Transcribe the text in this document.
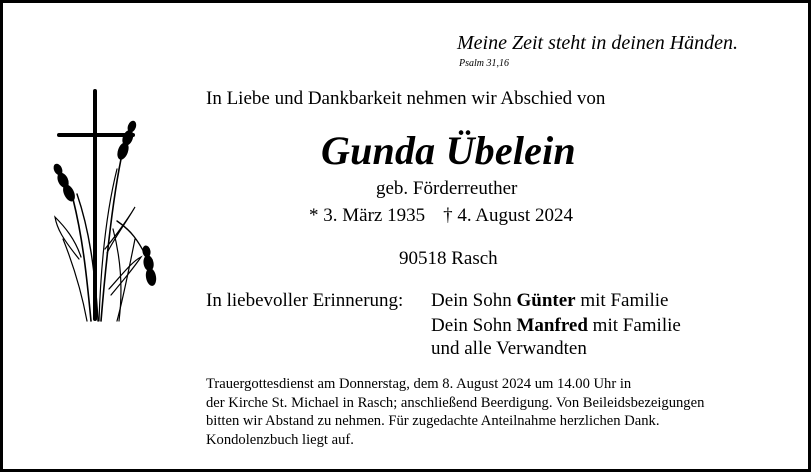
Meine Zeit steht in deinen Händen.
Psalm 31,16
In Liebe und Dankbarkeit nehmen wir Abschied von
Gunda Übelein
geb. Förderreuther
* 3. März 1935 † 4. August 2024
90518 Rasch
In liebevoller Erinnerung: Dein Sohn Günter mit Familie
Dein Sohn Manfred mit Familie
und alle Verwandten
Trauergottesdienst am Donnerstag, dem 8. August 2024 um 14.00 Uhr in
der Kirche St. Michael in Rasch; anschließend Beerdigung. Von Beileidsbezeigungen
bitten wir Abstand zu nehmen. Für zugedachte Anteilnahme herzlichen Dank.
Kondolenzbuch liegt auf.
